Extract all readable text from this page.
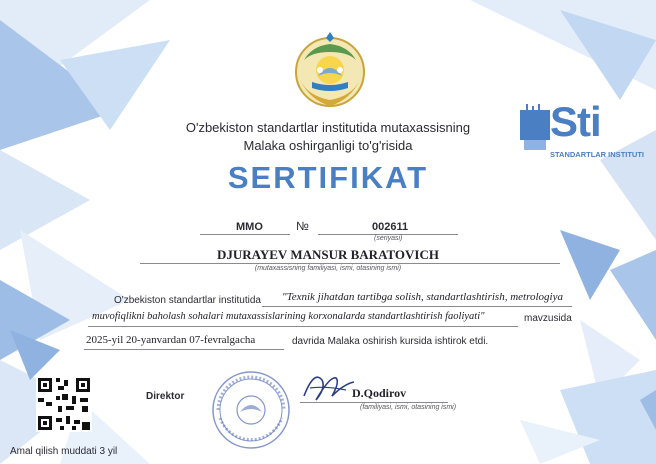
O'zbekiston standartlar institutida mutaxassisning
Malaka oshirganligi to'g'risida
Sti
STANDARTLAR INSTITUTI
SERTIFIKAT
MMO	№	002611
(seriyasi)
DJURAYEV MANSUR BARATOVICH
(mutaxassisning familiyasi, ismi, otasining ismi)
O'zbekiston standartlar institutida "Texnik jihatdan tartibga solish, standartlashtirish, metrologiya
muvofiqlikni baholash sohalari mutaxassislarining korxonalarda standartlashtirish faoliyati"	mavzusida
2025-yil 20-yanvardan 07-fevralgacha	davrida Malaka oshirish kursida ishtirok etdi.
Direktor	D.Qodirov
(familiyasi, ismi, otasining ismi)
Amal qilish muddati 3 yil
